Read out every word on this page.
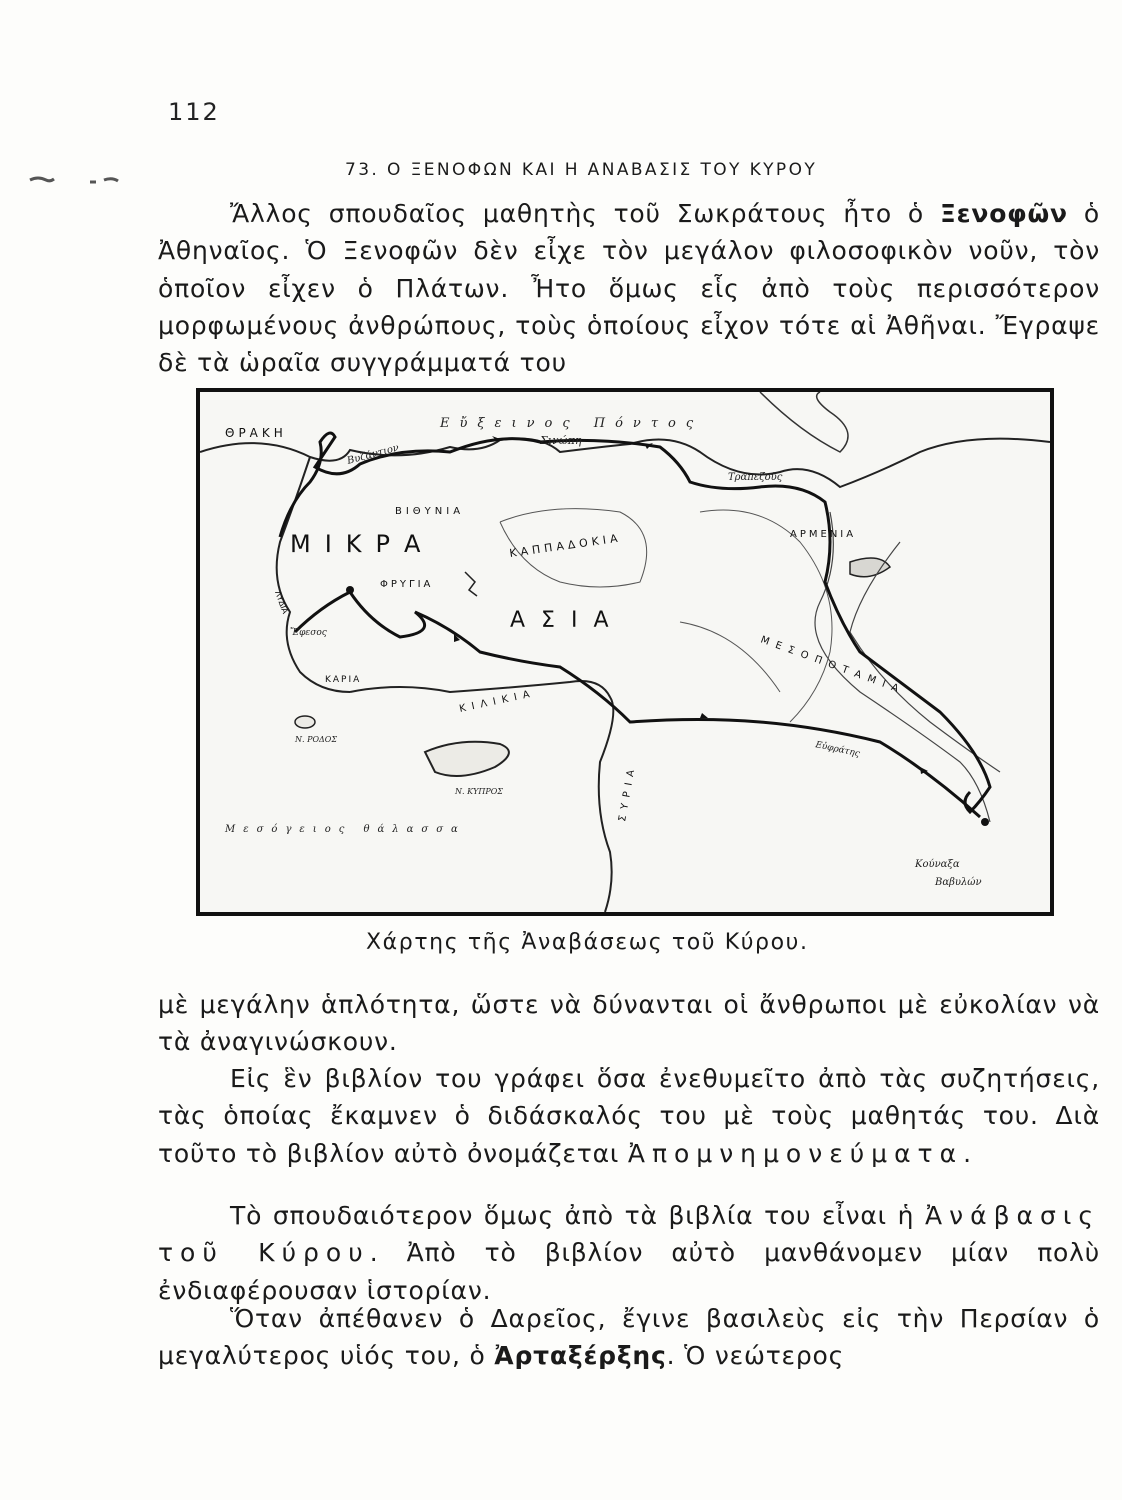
112
73. Ο ΞΕΝΟΦΩΝ ΚΑΙ Η ΑΝΑΒΑΣΙΣ ΤΟΥ ΚΥΡΟΥ

Ἄλλος σπουδαῖος μαθητὴς τοῦ Σωκράτους ἦτο ὁ Ξενοφῶν ὁ Ἀθηναῖος. Ὁ Ξενοφῶν δὲν εἶχε τὸν μεγάλον φιλοσοφικὸν νοῦν, τὸν ὁποῖον εἶχεν ὁ Πλάτων. Ἦτο ὅμως εἷς ἀπὸ τοὺς περισσότερον μορφωμένους ἀνθρώπους, τοὺς ὁποίους εἶχον τότε αἱ Ἀθῆναι. Ἔγραψε δὲ τὰ ὡραῖα συγγράμματά του

ΘΡΑΚΗ
Εὔξεινος Πόντος
Βυζάντιον
Σινώπη
Τραπεζοῦς
ΒΙΘΥΝΙΑ
ΜΙΚΡΑ
ΑΣΙΑ
ΚΑΠΠΑΔΟΚΙΑ
ΦΡΥΓΙΑ
ΑΡΜΕΝΙΑ
ΛΥΔΙΑ
Ἔφεσος
ΚΑΡΙΑ
ΚΙΛΙΚΙΑ
Ν. ΡΟΔΟΣ
Ν. ΚΥΠΡΟΣ	ΣΥΡΙΑ
ΜΕΣΟΠΟΤΑΜΙΑ
Εὐφράτης
Μεσόγειος θάλασσα
Κούναξα
Βαβυλών
Χάρτης τῆς Ἀναβάσεως τοῦ Κύρου.

μὲ μεγάλην ἁπλότητα, ὥστε νὰ δύνανται οἱ ἄνθρωποι μὲ εὐκολίαν νὰ τὰ ἀναγινώσκουν.

Εἰς ἓν βιβλίον του γράφει ὅσα ἐνεθυμεῖτο ἀπὸ τὰς συζητήσεις, τὰς ὁποίας ἔκαμνεν ὁ διδάσκαλός του μὲ τοὺς μαθητάς του. Διὰ τοῦτο τὸ βιβλίον αὐτὸ ὀνομάζεται Ἀπομνημονεύματα.

Τὸ σπουδαιότερον ὅμως ἀπὸ τὰ βιβλία του εἶναι ἡ Ἀνάβασις τοῦ Κύρου. Ἀπὸ τὸ βιβλίον αὐτὸ μανθάνομεν μίαν πολὺ ἐνδιαφέρουσαν ἱστορίαν.

Ὅταν ἀπέθανεν ὁ Δαρεῖος, ἔγινε βασιλεὺς εἰς τὴν Περσίαν ὁ μεγαλύτερος υἱός του, ὁ Ἀρταξέρξης. Ὁ νεώτερος
